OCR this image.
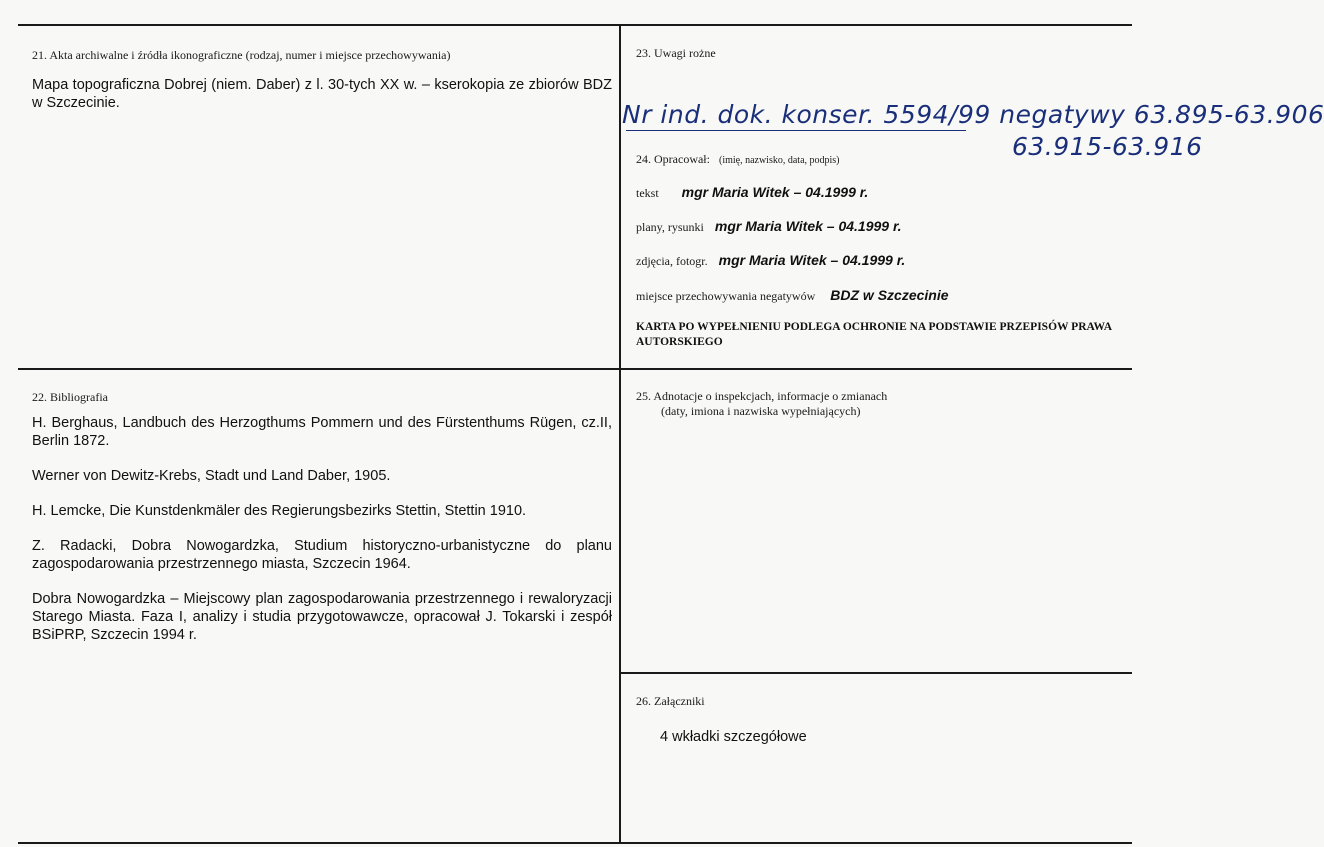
21. Akta archiwalne i źródła ikonograficzne (rodzaj, numer i miejsce przechowywania)
Mapa topograficzna Dobrej (niem. Daber) z l. 30-tych XX w. – kserokopia ze zbiorów BDZ w Szczecinie.
22. Bibliografia

H. Berghaus, Landbuch des Herzogthums Pommern und des Fürstenthums Rügen, cz.II, Berlin 1872.

Werner von Dewitz-Krebs, Stadt und Land Daber, 1905.

H. Lemcke, Die Kunstdenkmäler des Regierungsbezirks Stettin, Stettin 1910.

Z. Radacki, Dobra Nowogardzka, Studium historyczno-urbanistyczne do planu zagospodarowania przestrzennego miasta, Szczecin 1964.

Dobra Nowogardzka – Miejscowy plan zagospodarowania przestrzennego i rewaloryzacji Starego Miasta. Faza I, analizy i studia przygotowawcze, opracował J. Tokarski i zespół BSiPRP, Szczecin 1994 r.

23. Uwagi rożne
Nr ind. dok. konser. 5594/99 negatywy 63.895-63.906
63.915-63.916
24. Opracował: (imię, nazwisko, data, podpis)
tekst mgr Maria Witek – 04.1999 r.
plany, rysunki mgr Maria Witek – 04.1999 r.
zdjęcia, fotogr. mgr Maria Witek – 04.1999 r.
miejsce przechowywania negatywów BDZ w Szczecinie
KARTA PO WYPEŁNIENIU PODLEGA OCHRONIE NA PODSTAWIE PRZEPISÓW PRAWA AUTORSKIEGO
25. Adnotacje o inspekcjach, informacje o zmianach
(daty, imiona i nazwiska wypełniających)
26. Załączniki
4 wkładki szczegółowe
